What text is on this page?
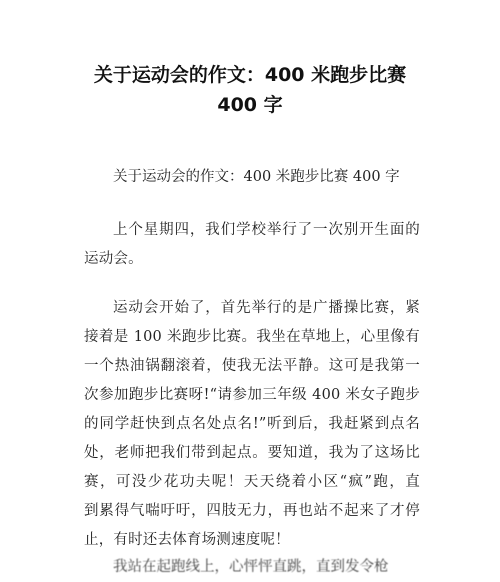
关于运动会的作文：400 米跑步比赛
400 字
关于运动会的作文：400 米跑步比赛 400 字
上个星期四，我们学校举行了一次别开生面的
运动会。
运动会开始了，首先举行的是广播操比赛，紧
接着是 100 米跑步比赛。我坐在草地上，心里像有
一个热油锅翻滚着，使我无法平静。这可是我第一
次参加跑步比赛呀!“请参加三年级 400 米女子跑步
的同学赶快到点名处点名!”听到后，我赶紧到点名
处，老师把我们带到起点。要知道，我为了这场比
赛，可没少花功夫呢！天天绕着小区“疯”跑，直
到累得气喘吁吁，四肢无力，再也站不起来了才停
止，有时还去体育场测速度呢！
我站在起跑线上，心怦怦直跳，直到发令枪
